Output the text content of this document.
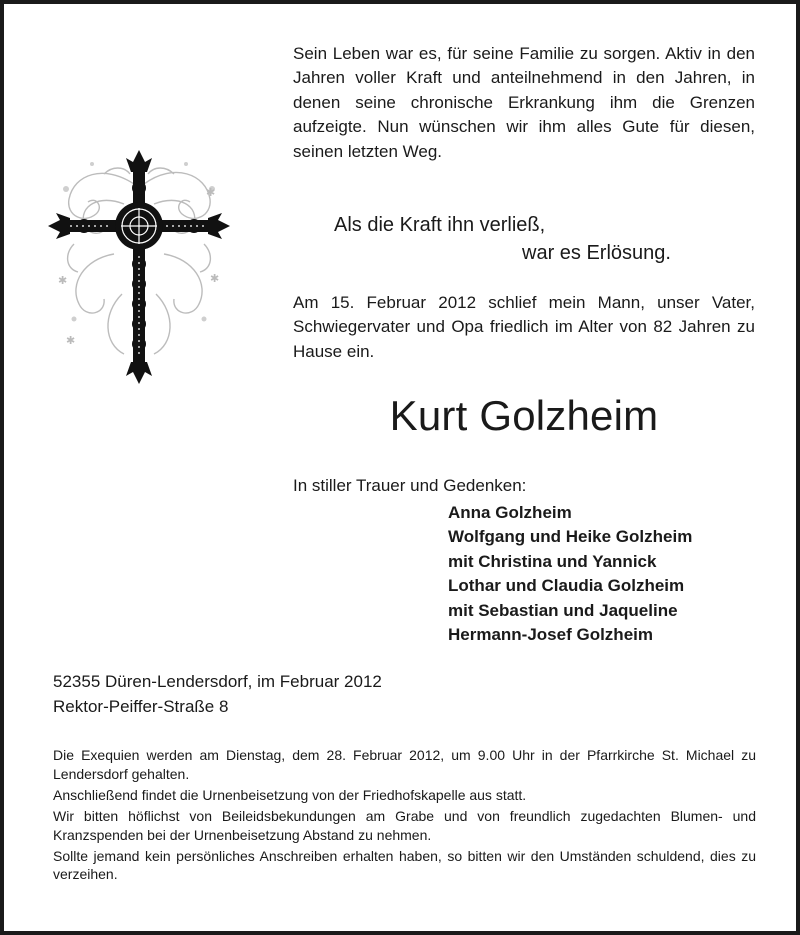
✱
✱	✱
✱

Sein Leben war es, für seine Familie zu sorgen. Aktiv in den Jahren voller Kraft und anteilnehmend in den Jahren, in denen seine chronische Erkrankung ihm die Grenzen aufzeigte. Nun wünschen wir ihm alles Gute für diesen, seinen letzten Weg.

Als die Kraft ihn verließ,
war es Erlösung.

Am 15. Februar 2012 schlief mein Mann, unser Vater, Schwiegervater und Opa friedlich im Alter von 82 Jahren zu Hause ein.

Kurt Golzheim
In stiller Trauer und Gedenken:
Anna Golzheim
Wolfgang und Heike Golzheim
mit Christina und Yannick
Lothar und Claudia Golzheim
mit Sebastian und Jaqueline
Hermann-Josef Golzheim
52355 Düren-Lendersdorf, im Februar 2012
Rektor-Peiffer-Straße 8

Die Exequien werden am Dienstag, dem 28. Februar 2012, um 9.00 Uhr in der Pfarrkirche St. Michael zu Lendersdorf gehalten.

Anschließend findet die Urnenbeisetzung von der Friedhofskapelle aus statt.

Wir bitten höflichst von Beileidsbekundungen am Grabe und von freundlich zugedachten Blumen- und Kranzspenden bei der Urnenbeisetzung Abstand zu nehmen.

Sollte jemand kein persönliches Anschreiben erhalten haben, so bitten wir den Umständen schuldend, dies zu verzeihen.
